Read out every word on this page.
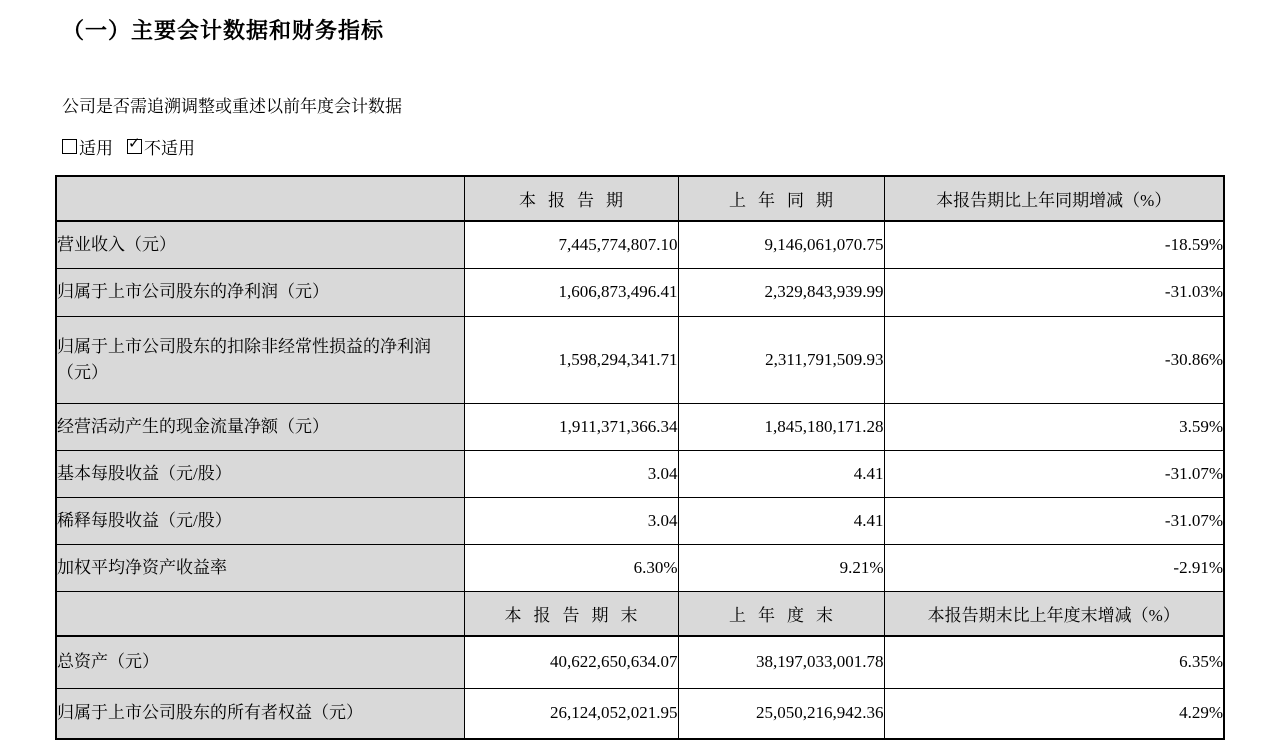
（一）主要会计数据和财务指标
公司是否需追溯调整或重述以前年度会计数据
适用 ✓ 不适用
	本报告期	上年同期	本报告期比上年同期增减（%）
营业收入（元）	7,445,774,807.10	9,146,061,070.75	-18.59%
归属于上市公司股东的净利润（元）	1,606,873,496.41	2,329,843,939.99	-31.03%
归属于上市公司股东的扣除非经常性损益的净利润（元）	1,598,294,341.71	2,311,791,509.93	-30.86%
经营活动产生的现金流量净额（元）	1,911,371,366.34	1,845,180,171.28	3.59%
基本每股收益（元/股）	3.04	4.41	-31.07%
稀释每股收益（元/股）	3.04	4.41	-31.07%
加权平均净资产收益率	6.30%	9.21%	-2.91%
	本报告期末	上年度末	本报告期末比上年度末增减（%）
总资产（元）	40,622,650,634.07	38,197,033,001.78	6.35%
归属于上市公司股东的所有者权益（元）	26,124,052,021.95	25,050,216,942.36	4.29%
